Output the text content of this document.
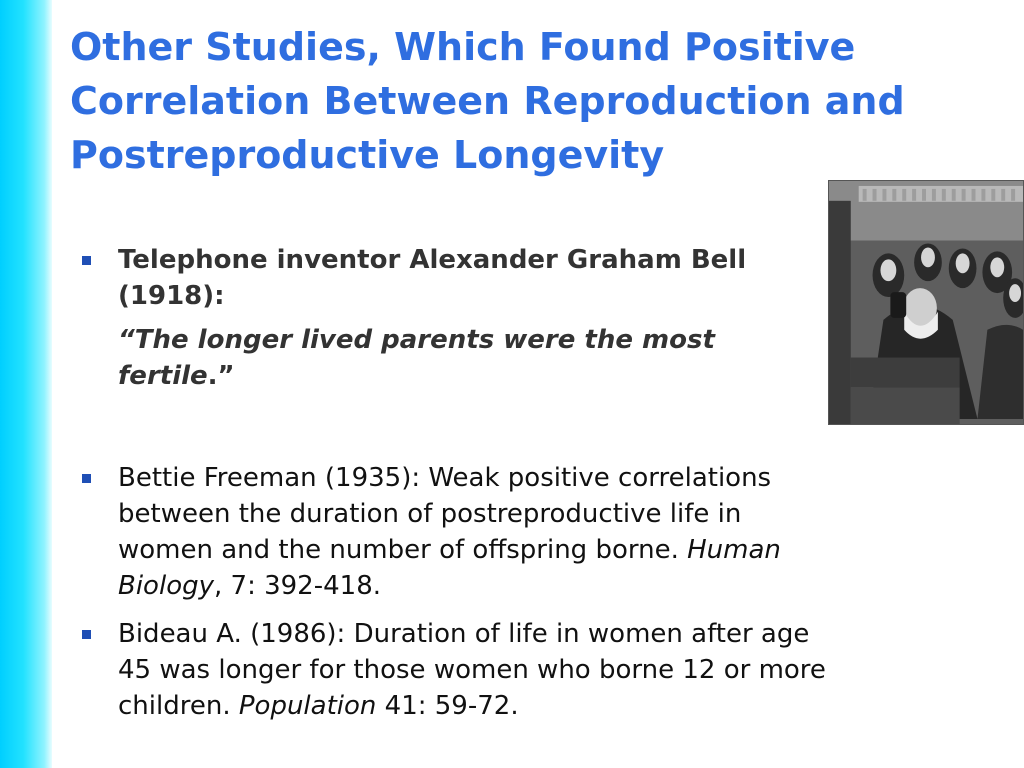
Other Studies, Which Found Positive Correlation Between Reproduction and Postreproductive Longevity
Telephone inventor Alexander Graham Bell (1918):
“The longer lived parents were the most fertile.”
Bettie Freeman (1935): Weak positive correlations between the duration of postreproductive life in women and the number of offspring borne. Human Biology, 7: 392-418.
Bideau A. (1986): Duration of life in women after age 45 was longer for those women who borne 12 or more children. Population 41: 59-72.
